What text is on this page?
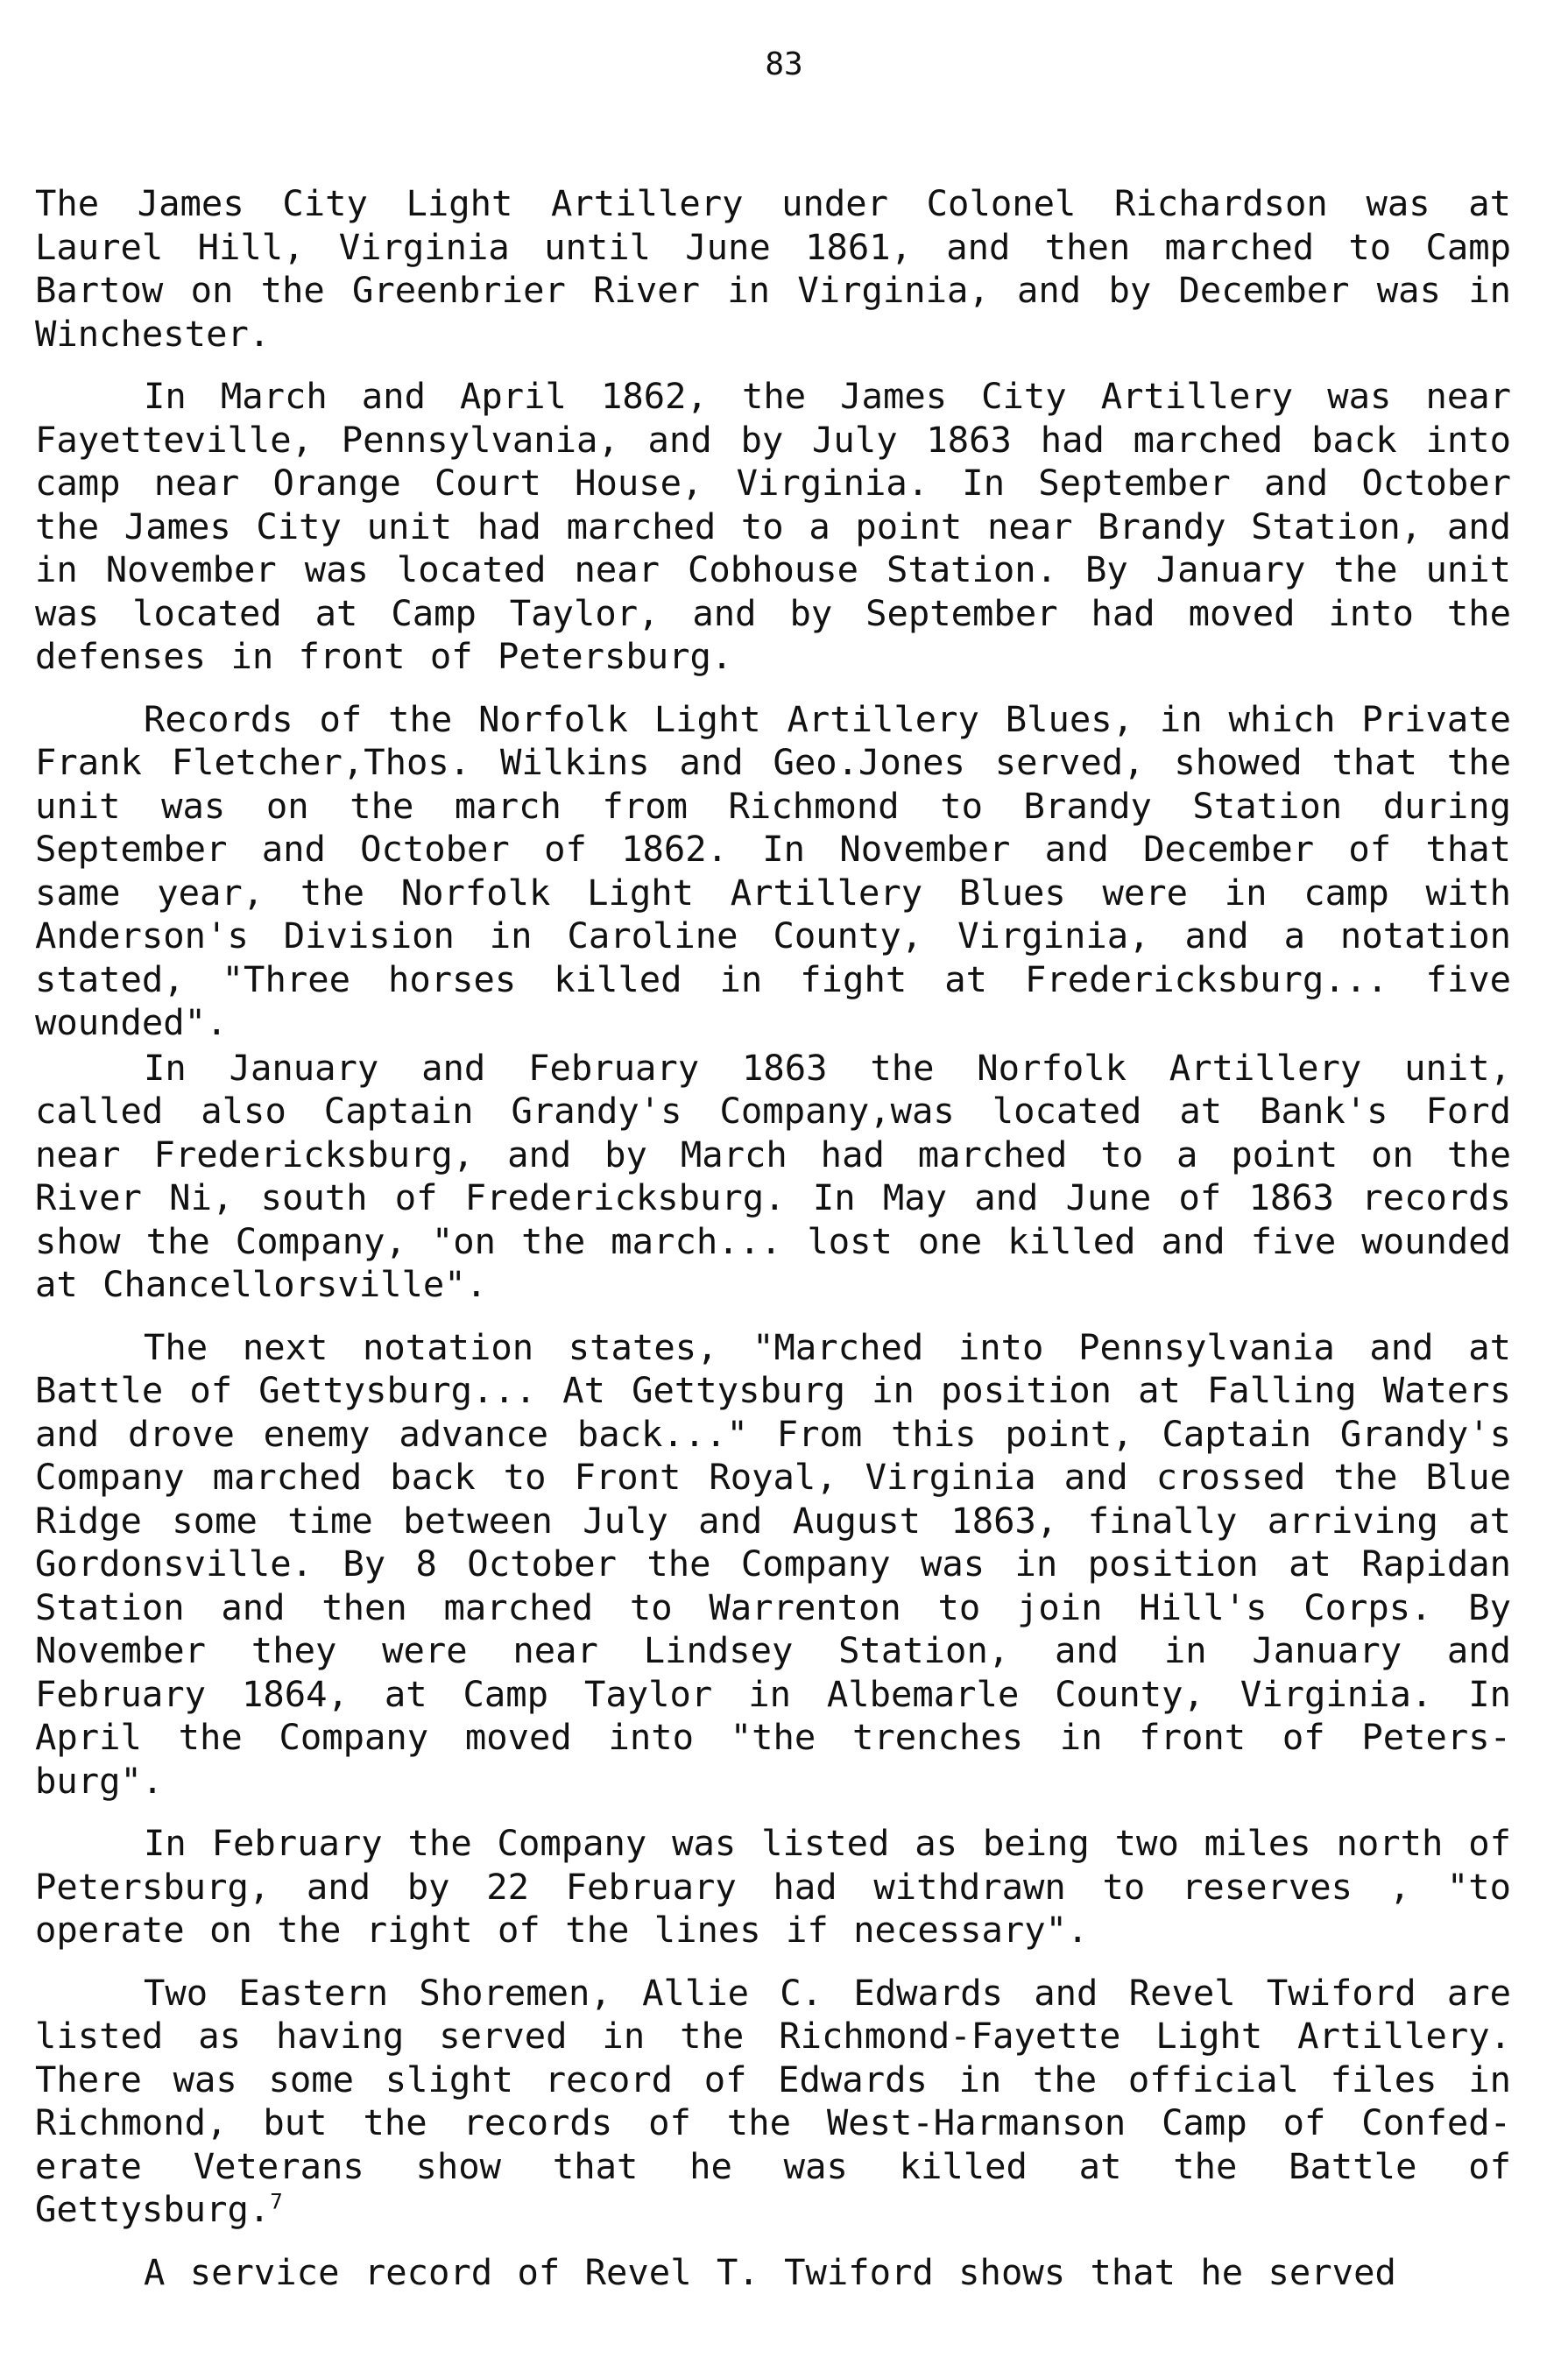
83

The James City Light Artillery under Colonel Richardson was at Laurel Hill, Virginia until June 1861, and then marched to Camp Bartow on the Greenbrier River in Virginia, and by December was in Winchester.

In March and April 1862, the James City Artillery was near Fayetteville, Pennsylvania, and by July 1863 had marched back into camp near Orange Court House, Virginia. In September and October the James City unit had marched to a point near Brandy Station, and in November was located near Cobhouse Station. By January the unit was located at Camp Taylor, and by September had moved into the defenses in front of Petersburg.

Records of the Norfolk Light Artillery Blues, in which Private Frank Fletcher,Thos. Wilkins and Geo.Jones served, showed that the unit was on the march from Richmond to Brandy Station during September and October of 1862. In November and December of that same year, the Norfolk Light Artillery Blues were in camp with Anderson's Division in Caroline County, Virginia, and a notation stated, "Three horses killed in fight at Fredericksburg... five wounded".

In January and February 1863 the Norfolk Artillery unit, called also Captain Grandy's Company,was located at Bank's Ford near Fredericksburg, and by March had marched to a point on the River Ni, south of Fredericksburg. In May and June of 1863 records show the Company, "on the march... lost one killed and five wounded at Chancellorsville".

The next notation states, "Marched into Pennsylvania and at Battle of Gettysburg... At Gettysburg in position at Falling Waters and drove enemy advance back..." From this point, Captain Grandy's Company marched back to Front Royal, Virginia and crossed the Blue Ridge some time between July and August 1863, finally arriving at Gordonsville. By 8 October the Company was in position at Rapidan Station and then marched to Warrenton to join Hill's Corps. By November they were near Lindsey Station, and in January and February 1864, at Camp Taylor in Albemarle County, Virginia. In April the Company moved into "the trenches in front of Peters- burg".

In February the Company was listed as being two miles north of Petersburg, and by 22 February had withdrawn to reserves , "to operate on the right of the lines if necessary".

Two Eastern Shoremen, Allie C. Edwards and Revel Twiford are listed as having served in the Richmond-Fayette Light Artillery. There was some slight record of Edwards in the official files in Richmond, but the records of the West-Harmanson Camp of Confed- erate Veterans show that he was killed at the Battle of Gettysburg.$^7$

A service record of Revel T. Twiford shows that he served
